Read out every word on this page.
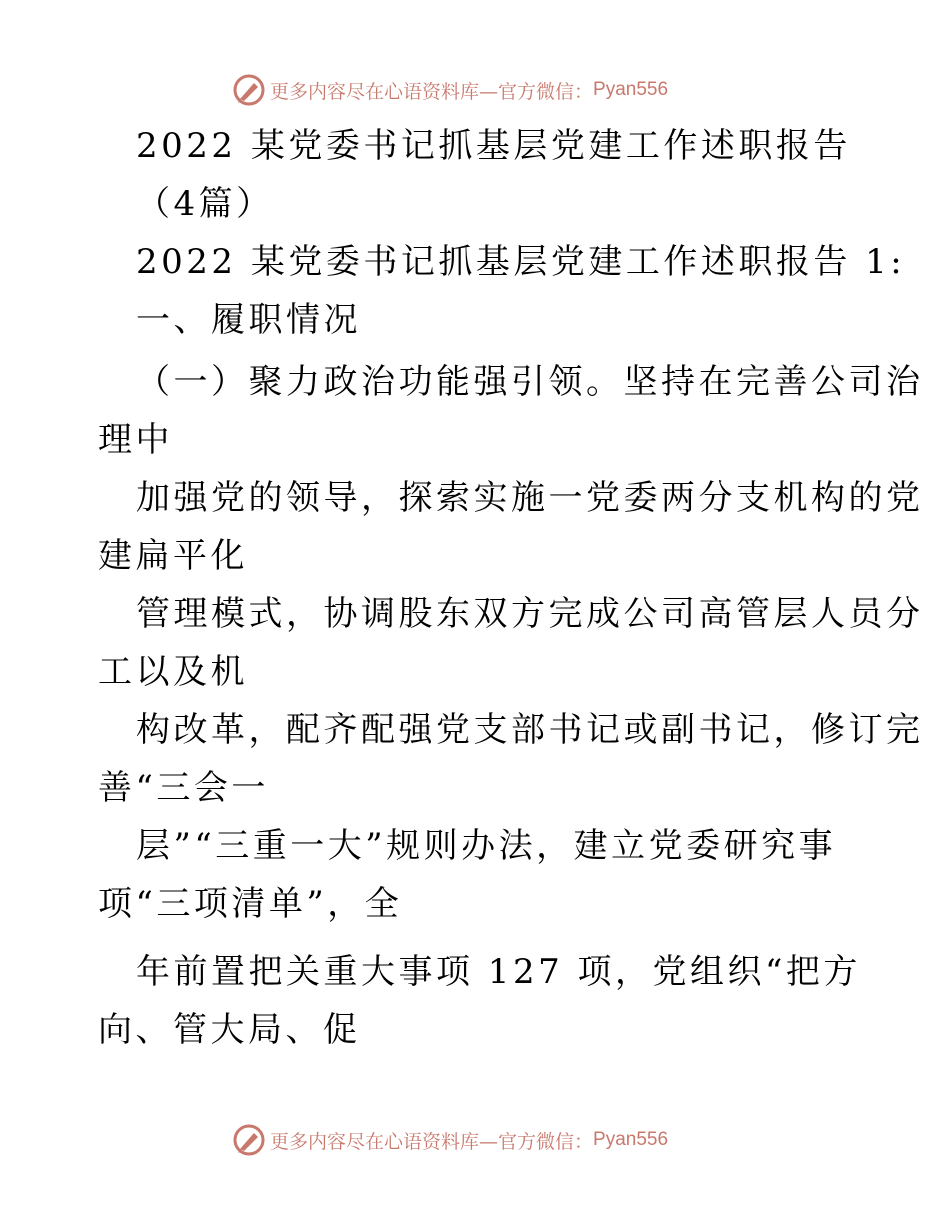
更多内容尽在心语资料库— 官方微信： Pyan556
2022 某党委书记抓基层党建工作述职报告
（4篇）
2022 某党委书记抓基层党建工作述职报告 1:
一、履职情况
（一）聚力政治功能强引领。坚持在完善公司治
理中
加强党的领导，探索实施一党委两分支机构的党
建扁平化
管理模式，协调股东双方完成公司高管层人员分
工以及机
构改革，配齐配强党支部书记或副书记，修订完
善“三会一
层”“三重一大”规则办法，建立党委研究事
项“三项清单”，全
年前置把关重大事项 127 项，党组织“把方
向、管大局、促
更多内容尽在心语资料库— 官方微信： Pyan556
